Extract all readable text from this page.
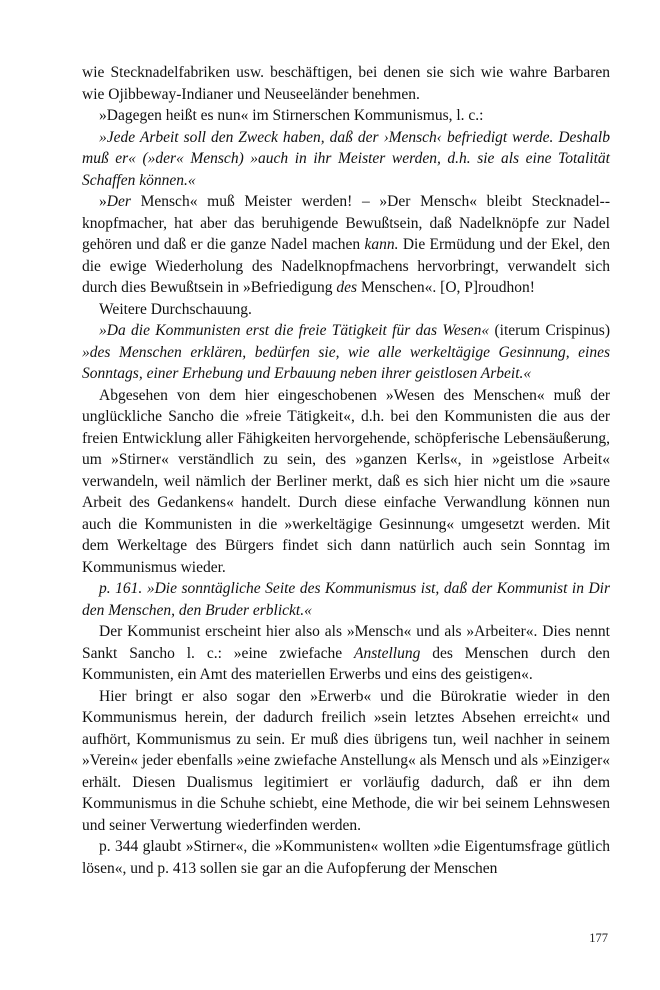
wie Stecknadelfabriken usw. beschäftigen, bei denen sie sich wie wahre Barbaren wie Ojibbeway-Indianer und Neuseeländer benehmen.

»Dagegen heißt es nun« im Stirnerschen Kommunismus, l. c.:

»Jede Arbeit soll den Zweck haben, daß der ›Mensch‹ befriedigt werde. Deshalb muß er« (»der« Mensch) »auch in ihr Meister werden, d.h. sie als eine Totalität Schaffen können.«

»Der Mensch« muß Meister werden! – »Der Mensch« bleibt Stecknadel-knopfmacher, hat aber das beruhigende Bewußtsein, daß Nadelknöpfe zur Nadel gehören und daß er die ganze Nadel machen kann. Die Ermüdung und der Ekel, den die ewige Wiederholung des Nadelknopfmachens hervorbringt, verwandelt sich durch dies Bewußtsein in »Befriedigung des Menschen«. [O, P]roudhon!

Weitere Durchschauung.

»Da die Kommunisten erst die freie Tätigkeit für das Wesen« (iterum Crispinus) »des Menschen erklären, bedürfen sie, wie alle werkeltägige Gesinnung, eines Sonntags, einer Erhebung und Erbauung neben ihrer geistlosen Arbeit.«

Abgesehen von dem hier eingeschobenen »Wesen des Menschen« muß der unglückliche Sancho die »freie Tätigkeit«, d.h. bei den Kommunisten die aus der freien Entwicklung aller Fähigkeiten hervorgehende, schöpferische Lebensäußerung, um »Stirner« verständlich zu sein, des »ganzen Kerls«, in »geistlose Arbeit« verwandeln, weil nämlich der Berliner merkt, daß es sich hier nicht um die »saure Arbeit des Gedankens« handelt. Durch diese einfache Verwandlung können nun auch die Kommunisten in die »werkeltägige Gesinnung« umgesetzt werden. Mit dem Werkeltage des Bürgers findet sich dann natürlich auch sein Sonntag im Kommunismus wieder.

p. 161. »Die sonntägliche Seite des Kommunismus ist, daß der Kommunist in Dir den Menschen, den Bruder erblickt.«

Der Kommunist erscheint hier also als »Mensch« und als »Arbeiter«. Dies nennt Sankt Sancho l. c.: »eine zwiefache Anstellung des Menschen durch den Kommunisten, ein Amt des materiellen Erwerbs und eins des geistigen«.

Hier bringt er also sogar den »Erwerb« und die Bürokratie wieder in den Kommunismus herein, der dadurch freilich »sein letztes Absehen erreicht« und aufhört, Kommunismus zu sein. Er muß dies übrigens tun, weil nachher in seinem »Verein« jeder ebenfalls »eine zwiefache Anstellung« als Mensch und als »Einziger« erhält. Diesen Dualismus legitimiert er vorläufig dadurch, daß er ihn dem Kommunismus in die Schuhe schiebt, eine Methode, die wir bei seinem Lehnswesen und seiner Verwertung wiederfinden werden.

p. 344 glaubt »Stirner«, die »Kommunisten« wollten »die Eigentumsfrage gütlich lösen«, und p. 413 sollen sie gar an die Aufopferung der Menschen

177
